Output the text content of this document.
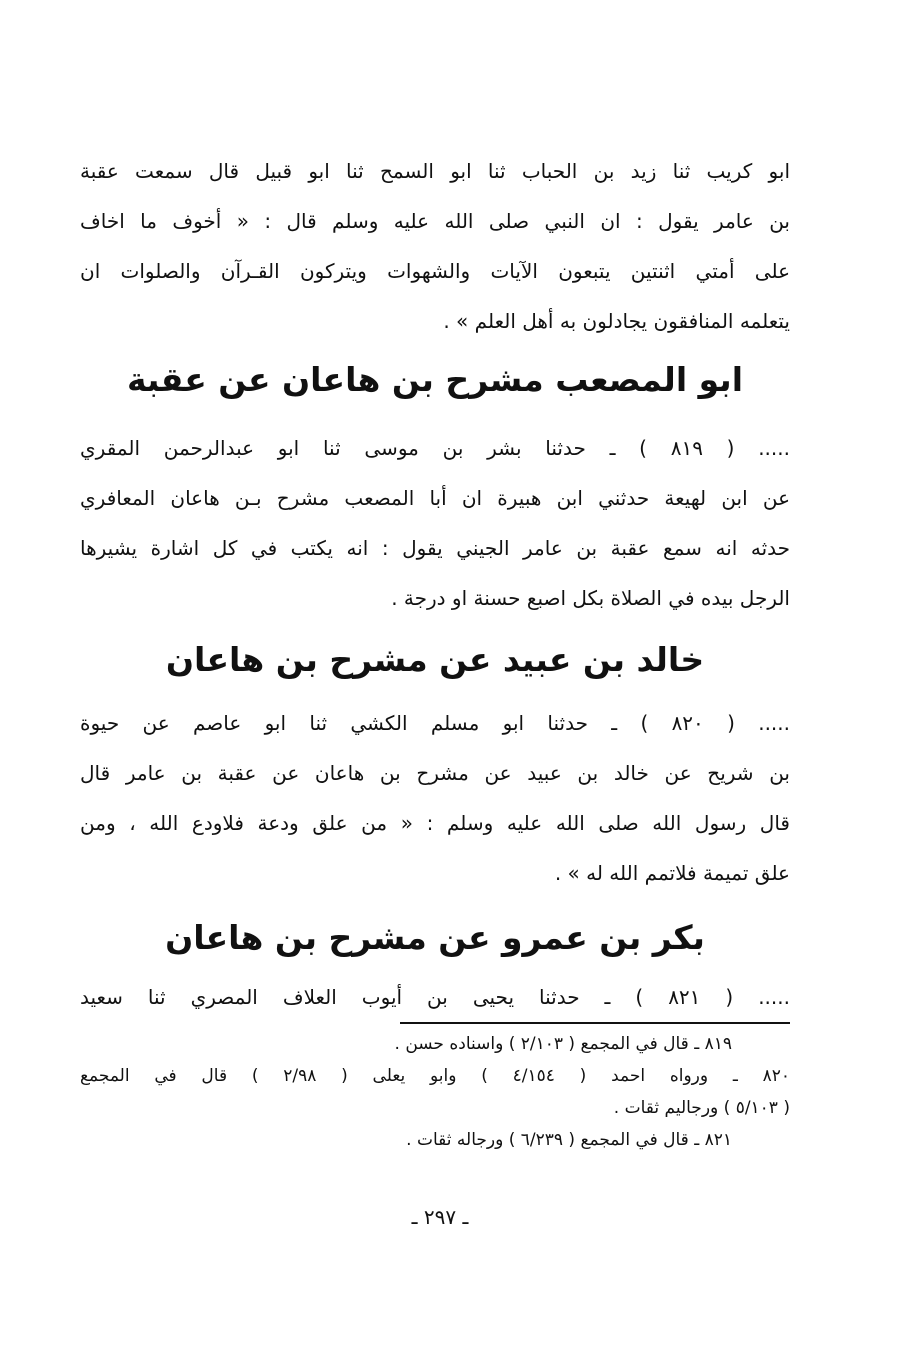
ابو كريب ثنا زيد بن الحباب ثنا ابو السمح ثنا ابو قبيل قال سمعت عقبة
بن عامر يقول : ان النبي صلى الله عليه وسلم قال : « أخوف ما اخاف
على أمتي اثنتين يتبعون الآيات والشهوات ويتركون القـرآن والصلوات ان
يتعلمه المنافقون يجادلون به أهل العلم » .
ابو المصعب مشرح بن هاعان عن عقبة
..... ( ٨١٩ ) ـ حدثنا بشر بن موسى ثنا ابو عبدالرحمن المقري
عن ابن لهيعة حدثني ابن هبيرة ان أبا المصعب مشرح بـن هاعان المعافري
حدثه انه سمع عقبة بن عامر الجيني يقول : انه يكتب في كل اشارة يشيرها
الرجل بيده في الصلاة بكل اصبع حسنة او درجة .
خالد بن عبيد عن مشرح بن هاعان
..... ( ٨٢٠ ) ـ حدثنا ابو مسلم الكشي ثنا ابو عاصم عن حيوة
بن شريح عن خالد بن عبيد عن مشرح بن هاعان عن عقبة بن عامر قال
قال رسول الله صلى الله عليه وسلم : « من علق ودعة فلاودع الله ، ومن
علق تميمة فلاتمم الله له » .
بكر بن عمرو عن مشرح بن هاعان
..... ( ٨٢١ ) ـ حدثنا يحيى بن أيوب العلاف المصري ثنا سعيد
٨١٩ ـ قال في المجمع ( ٢/١٠٣ ) واسناده حسن .
٨٢٠ ـ ورواه احمد ( ٤/١٥٤ ) وابو يعلى ( ٢/٩٨ ) قال في المجمع
( ٥/١٠٣ ) ورجاليم ثقات .
٨٢١ ـ قال في المجمع ( ٦/٢٣٩ ) ورجاله ثقات .
ـ ٢٩٧ ـ
